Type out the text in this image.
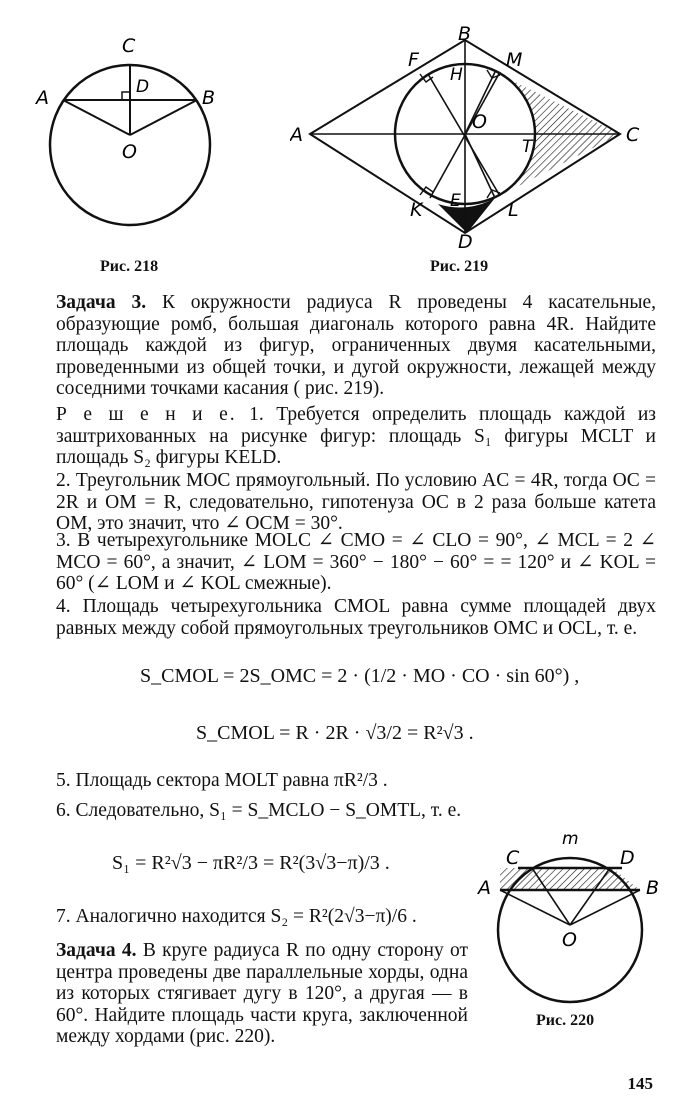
C
D
A	B
O
Рис. 218
B
F
H
M
A
O
C
T
K E L
D
Рис. 219
Задача 3. К окружности радиуса R проведены 4 касательные, образующие ромб, большая диагональ которого равна 4R. Найдите площадь каждой из фигур, ограниченных двумя касательными, проведенными из общей точки, и дугой окружности, лежащей между соседними точками касания ( рис. 219).
Р е ш е н и е. 1. Требуется определить площадь каждой из заштрихованных на рисунке фигур: площадь S₁ фигуры MCLT и площадь S₂ фигуры KELD.
2. Треугольник MOC прямоугольный. По условию AC = 4R, тогда OC = 2R и OM = R, следовательно, гипотенуза OC в 2 раза больше катета OM, это значит, что ∠ OCM = 30°.
3. В четырехугольнике MOLC ∠ CMO = ∠ CLO = 90°, ∠ MCL = 2 ∠ MCO = 60°, а значит, ∠ LOM = 360° − 180° − 60° = = 120° и ∠ KOL = 60° (∠ LOM и ∠ KOL смежные).
4. Площадь четырехугольника CMOL равна сумме площадей двух равных между собой прямоугольных треугольников OMC и OCL, т. е.
S_CMOL = 2S_OMC = 2 · (1/2 · MO · CO · sin 60°) ,
S_CMOL = R · 2R · √3/2 = R²√3 .
5. Площадь сектора MOLT равна πR²/3 .
6. Следовательно, S₁ = S_MCLO − S_OMTL, т. е.
S₁ = R²√3 − πR²/3 = R²(3√3−π)/3 .
7. Аналогично находится S₂ = R²(2√3−π)/6 .
Задача 4. В круге радиуса R по одну сторону от центра проведены две параллельные хорды, одна из которых стягивает дугу в 120°, а другая — в 60°. Найдите площадь части круга, заключенной между хордами (рис. 220).
m
C	D
A	B
O
Рис. 220
145
